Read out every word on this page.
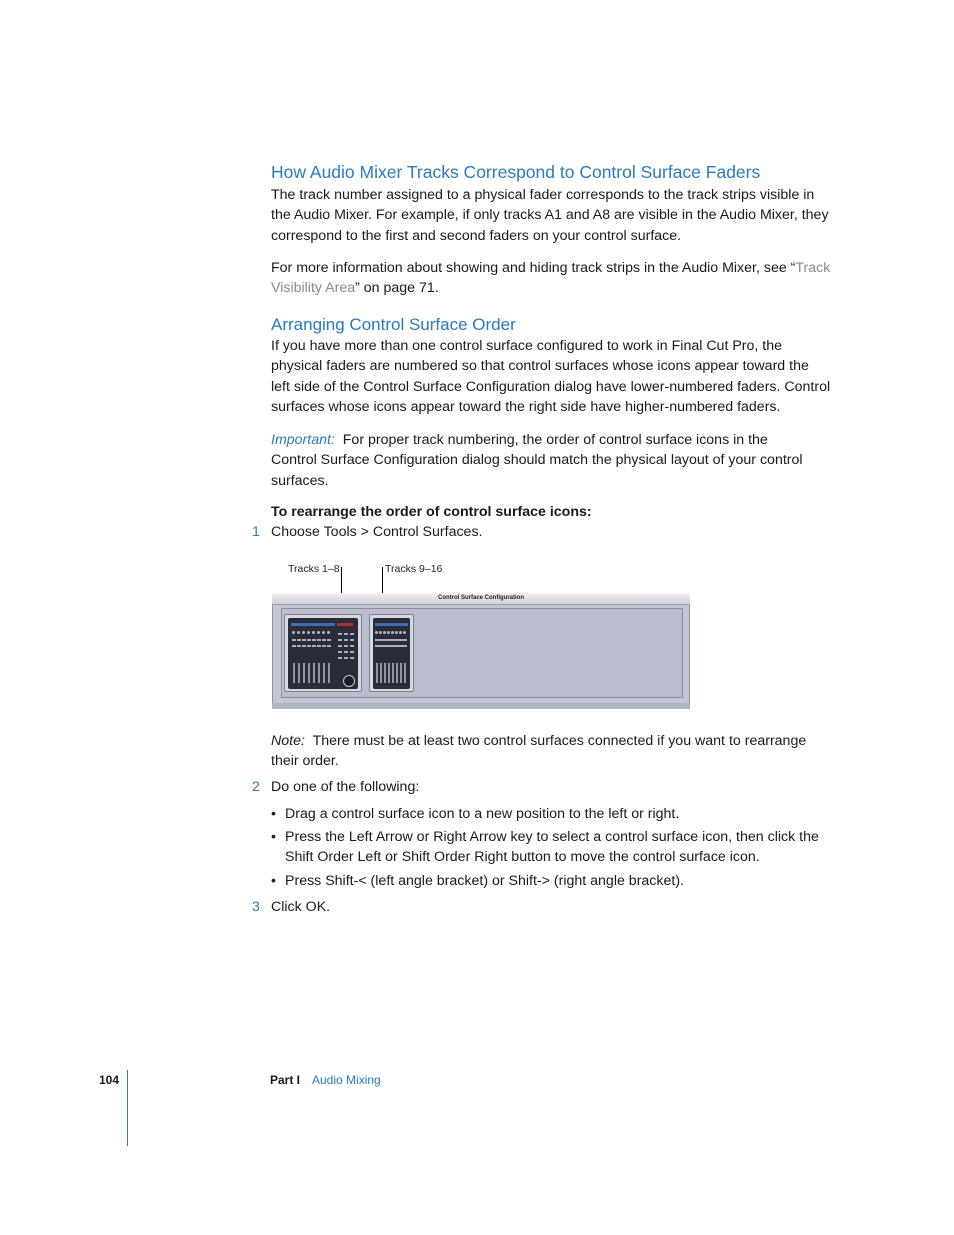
How Audio Mixer Tracks Correspond to Control Surface Faders
The track number assigned to a physical fader corresponds to the track strips visible in the Audio Mixer. For example, if only tracks A1 and A8 are visible in the Audio Mixer, they correspond to the first and second faders on your control surface.
For more information about showing and hiding track strips in the Audio Mixer, see “Track Visibility Area” on page 71.
Arranging Control Surface Order
If you have more than one control surface configured to work in Final Cut Pro, the physical faders are numbered so that control surfaces whose icons appear toward the left side of the Control Surface Configuration dialog have lower-numbered faders. Control surfaces whose icons appear toward the right side have higher-numbered faders.
Important: For proper track numbering, the order of control surface icons in the Control Surface Configuration dialog should match the physical layout of your control surfaces.
To rearrange the order of control surface icons:
1 Choose Tools > Control Surfaces.
Tracks 1–8	Tracks 9–16
Control Surface Configuration
Note: There must be at least two control surfaces connected if you want to rearrange their order.
2 Do one of the following:
• Drag a control surface icon to a new position to the left or right.
• Press the Left Arrow or Right Arrow key to select a control surface icon, then click the Shift Order Left or Shift Order Right button to move the control surface icon.
• Press Shift-< (left angle bracket) or Shift-> (right angle bracket).
3 Click OK.
104	Part I Audio Mixing
